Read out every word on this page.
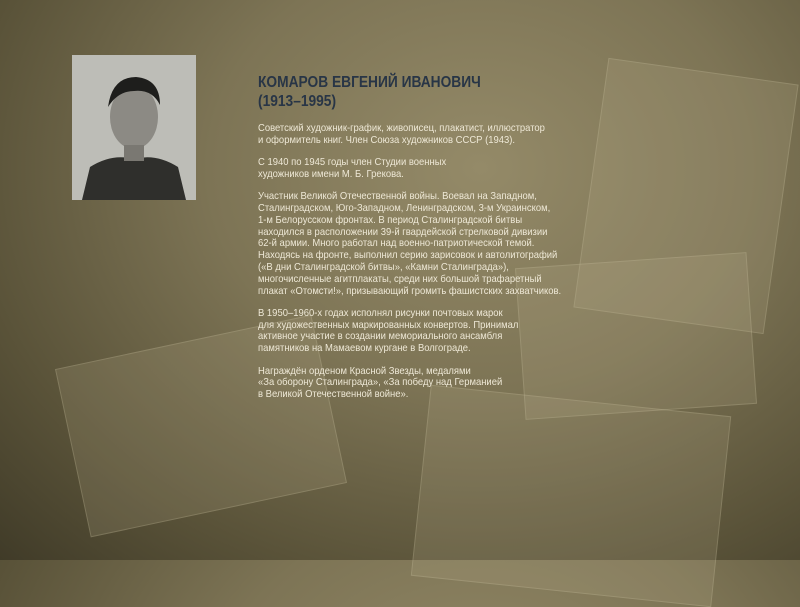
КОМАРОВ ЕВГЕНИЙ ИВАНОВИЧ
(1913–1995)

Советский художник-график, живописец, плакатист, иллюстратор
и оформитель книг. Член Союза художников СССР (1943).

С 1940 по 1945 годы член Студии военных
художников имени М. Б. Грекова.

Участник Великой Отечественной войны. Воевал на Западном,
Сталинградском, Юго-Западном, Ленинградском, 3-м Украинском,
1-м Белорусском фронтах. В период Сталинградской битвы
находился в расположении 39-й гвардейской стрелковой дивизии
62-й армии. Много работал над военно-патриотической темой.
Находясь на фронте, выполнил серию зарисовок и автолитографий
(«В дни Сталинградской битвы», «Камни Сталинграда»),
многочисленные агитплакаты, среди них большой трафаретный
плакат «Отомсти!», призывающий громить фашистских захватчиков.

В 1950–1960-х годах исполнял рисунки почтовых марок
для художественных маркированных конвертов. Принимал
активное участие в создании мемориального ансамбля
памятников на Мамаевом кургане в Волгограде.

Награждён орденом Красной Звезды, медалями
«За оборону Сталинграда», «За победу над Германией
в Великой Отечественной войне».
